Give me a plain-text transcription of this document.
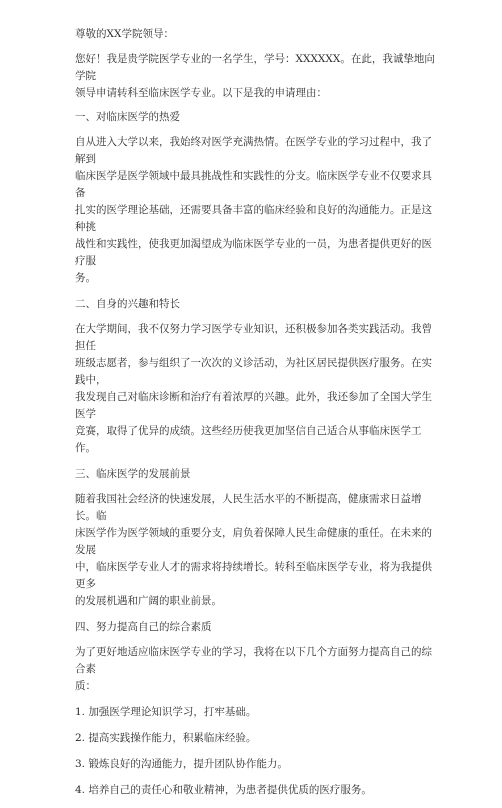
尊敬的XX学院领导：

您好！我是贵学院医学专业的一名学生，学号：XXXXXX。在此，我诚挚地向学院
领导申请转科至临床医学专业。以下是我的申请理由：

一、对临床医学的热爱

自从进入大学以来，我始终对医学充满热情。在医学专业的学习过程中，我了解到
临床医学是医学领域中最具挑战性和实践性的分支。临床医学专业不仅要求具备
扎实的医学理论基础，还需要具备丰富的临床经验和良好的沟通能力。正是这种挑
战性和实践性，使我更加渴望成为临床医学专业的一员，为患者提供更好的医疗服
务。

二、自身的兴趣和特长

在大学期间，我不仅努力学习医学专业知识，还积极参加各类实践活动。我曾担任
班级志愿者，参与组织了一次次的义诊活动，为社区居民提供医疗服务。在实践中，
我发现自己对临床诊断和治疗有着浓厚的兴趣。此外，我还参加了全国大学生医学
竞赛，取得了优异的成绩。这些经历使我更加坚信自己适合从事临床医学工作。

三、临床医学的发展前景

随着我国社会经济的快速发展，人民生活水平的不断提高，健康需求日益增长。临
床医学作为医学领域的重要分支，肩负着保障人民生命健康的重任。在未来的发展
中，临床医学专业人才的需求将持续增长。转科至临床医学专业，将为我提供更多
的发展机遇和广阔的职业前景。

四、努力提高自己的综合素质

为了更好地适应临床医学专业的学习，我将在以下几个方面努力提高自己的综合素
质：

1. 加强医学理论知识学习，打牢基础。

2. 提高实践操作能力，积累临床经验。

3. 锻炼良好的沟通能力，提升团队协作能力。

4. 培养自己的责任心和敬业精神，为患者提供优质的医疗服务。
